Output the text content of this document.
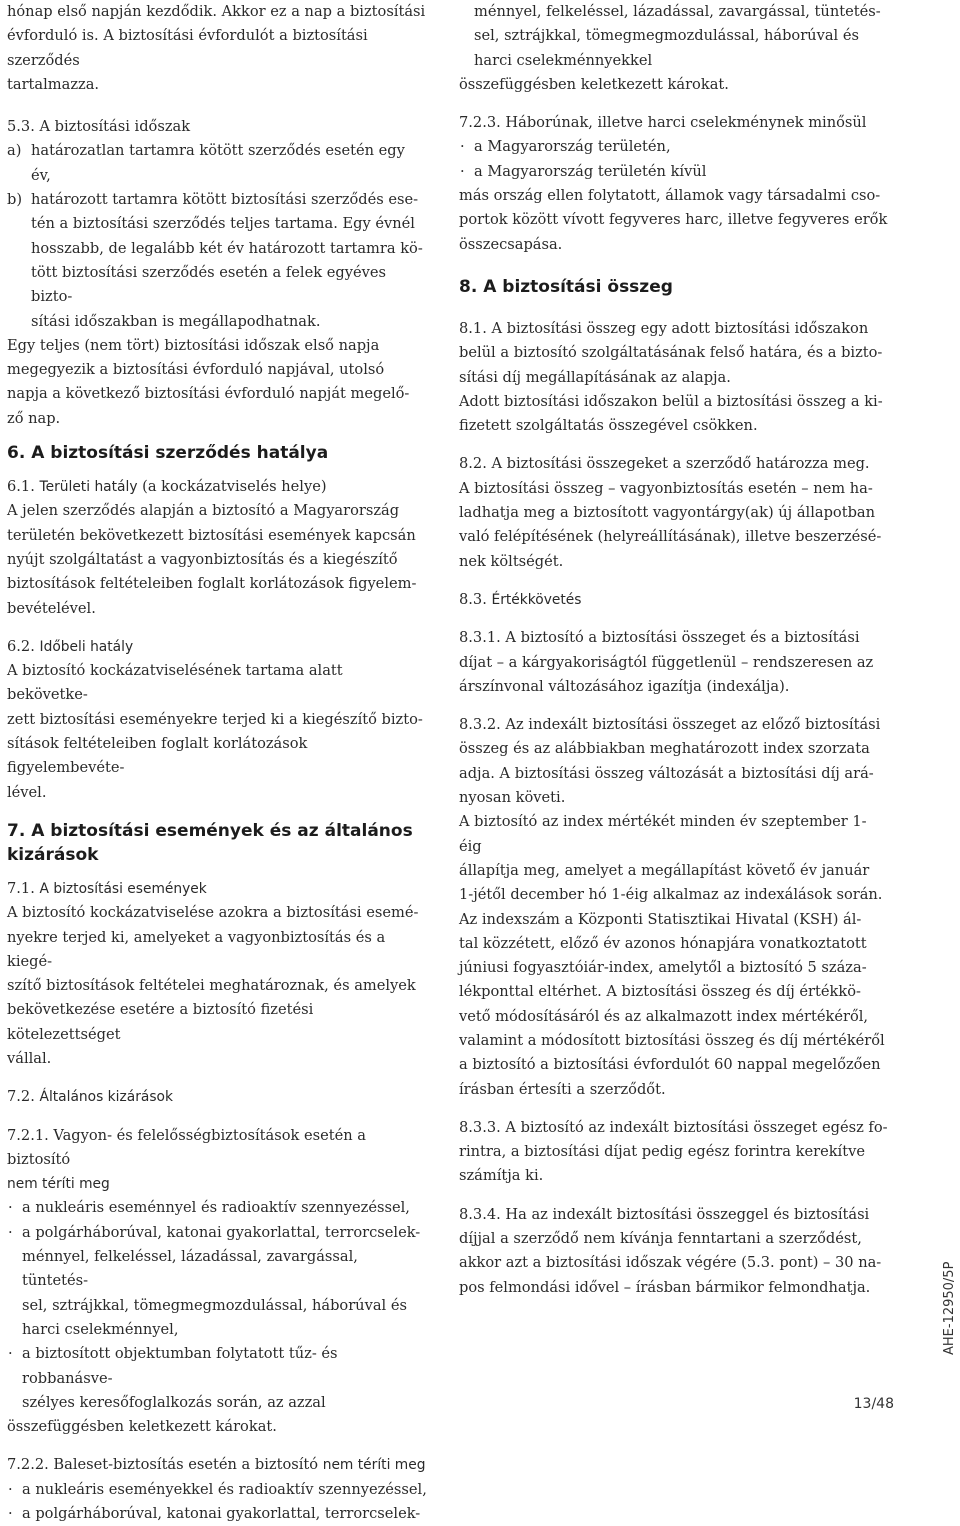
hónap első napján kezdődik. Akkor ez a nap a biztosítási
évforduló is. A biztosítási évfordulót a biztosítási szerződés
tartalmazza.

5.3. A biztosítási időszak

a) határozatlan tartamra kötött szerződés esetén egy év,
b) határozott tartamra kötött biztosítási szerződés ese-
tén a biztosítási szerződés teljes tartama. Egy évnél
hosszabb, de legalább két év határozott tartamra kö-
tött biztosítási szerződés esetén a felek egyéves bizto-
sítási időszakban is megállapodhatnak.

Egy teljes (nem tört) biztosítási időszak első napja
megegyezik a biztosítási évforduló napjával, utolsó
napja a következő biztosítási évforduló napját megelő-
ző nap.

6. A biztosítási szerződés hatálya

6.1. Területi hatály (a kockázatviselés helye)

A jelen szerződés alapján a biztosító a Magyarország
területén bekövetkezett biztosítási események kapcsán
nyújt szolgáltatást a vagyonbiztosítás és a kiegészítő
biztosítások feltételeiben foglalt korlátozások figyelem-
bevételével.

6.2. Időbeli hatály

A biztosító kockázatviselésének tartama alatt bekövetke-
zett biztosítási eseményekre terjed ki a kiegészítő bizto-
sítások feltételeiben foglalt korlátozások figyelembevéte-
lével.

7. A biztosítási események és az általános kizárások

7.1. A biztosítási események

A biztosító kockázatviselése azokra a biztosítási esemé-
nyekre terjed ki, amelyeket a vagyonbiztosítás és a kiegé-
szítő biztosítások feltételei meghatároznak, és amelyek
bekövetkezése esetére a biztosító fizetési kötelezettséget
vállal.

7.2. Általános kizárások

7.2.1. Vagyon- és felelősségbiztosítások esetén a biztosító

nem téríti meg

· a nukleáris eseménnyel és radioaktív szennyezéssel,
· a polgárháborúval, katonai gyakorlattal, terrorcselek-
ménnyel, felkeléssel, lázadással, zavargással, tüntetés-
sel, sztrájkkal, tömegmegmozdulással, háborúval és
harci cselekménnyel,
· a biztosított objektumban folytatott tűz- és robbanásve-
szélyes keresőfoglalkozás során, az azzal

összefüggésben keletkezett károkat.

7.2.2. Baleset-biztosítás esetén a biztosító nem téríti meg

· a nukleáris eseményekkel és radioaktív szennyezéssel,
· a polgárháborúval, katonai gyakorlattal, terrorcselek-

ménnyel, felkeléssel, lázadással, zavargással, tüntetés-
sel, sztrájkkal, tömegmegmozdulással, háborúval és
harci cselekménnyekkel

összefüggésben keletkezett károkat.

7.2.3. Háborúnak, illetve harci cselekménynek minősül

· a Magyarország területén,
· a Magyarország területén kívül

más ország ellen folytatott, államok vagy társadalmi cso-
portok között vívott fegyveres harc, illetve fegyveres erők
összecsapása.

8. A biztosítási összeg

8.1. A biztosítási összeg egy adott biztosítási időszakon
belül a biztosító szolgáltatásának felső határa, és a bizto-
sítási díj megállapításának az alapja.
Adott biztosítási időszakon belül a biztosítási összeg a ki-
fizetett szolgáltatás összegével csökken.

8.2. A biztosítási összegeket a szerződő határozza meg.
A biztosítási összeg – vagyonbiztosítás esetén – nem ha-
ladhatja meg a biztosított vagyontárgy(ak) új állapotban
való felépítésének (helyreállításának), illetve beszerzésé-
nek költségét.

8.3. Értékkövetés

8.3.1. A biztosító a biztosítási összeget és a biztosítási
díjat – a kárgyakoriságtól függetlenül – rendszeresen az
árszínvonal változásához igazítja (indexálja).

8.3.2. Az indexált biztosítási összeget az előző biztosítási
összeg és az alábbiakban meghatározott index szorzata
adja. A biztosítási összeg változását a biztosítási díj ará-
nyosan követi.
A biztosító az index mértékét minden év szeptember 1-éig
állapítja meg, amelyet a megállapítást követő év január
1-jétől december hó 1-éig alkalmaz az indexálások során.
Az indexszám a Központi Statisztikai Hivatal (KSH) ál-
tal közzétett, előző év azonos hónapjára vonatkoztatott
júniusi fogyasztóiár-index, amelytől a biztosító 5 száza-
lékponttal eltérhet. A biztosítási összeg és díj értékkö-
vető módosításáról és az alkalmazott index mértékéről,
valamint a módosított biztosítási összeg és díj mértékéről
a biztosító a biztosítási évfordulót 60 nappal megelőzően
írásban értesíti a szerződőt.

8.3.3. A biztosító az indexált biztosítási összeget egész fo-
rintra, a biztosítási díjat pedig egész forintra kerekítve
számítja ki.

8.3.4. Ha az indexált biztosítási összeggel és biztosítási
díjjal a szerződő nem kívánja fenntartani a szerződést,
akkor azt a biztosítási időszak végére (5.3. pont) – 30 na-
pos felmondási idővel – írásban bármikor felmondhatja.	AHE-12950/5P
13/48
